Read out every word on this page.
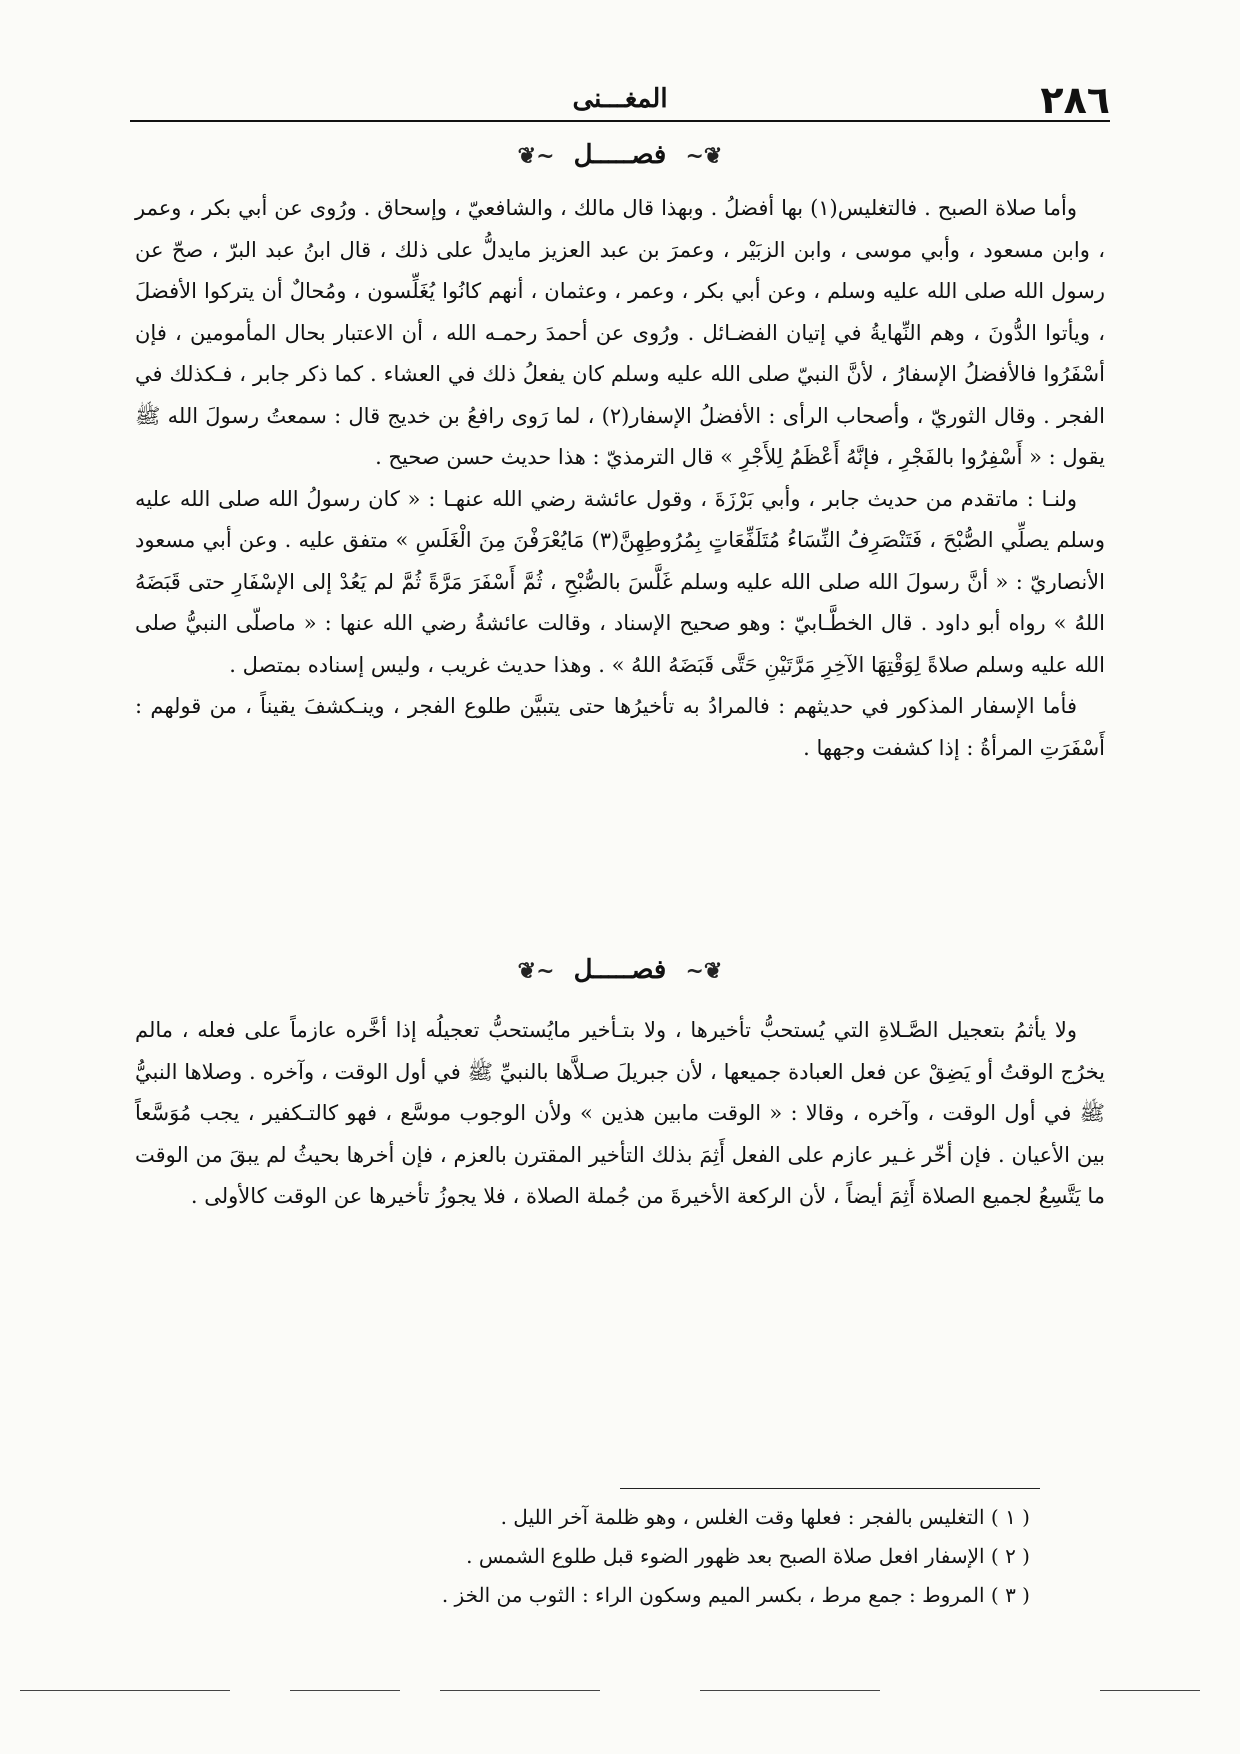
٢٨٦
المغـــنى
❦~ فصـــــل ~❦

وأما صلاة الصبح . فالتغليس(١) بها أفضلُ . وبهذا قال مالك ، والشافعيّ ، وإسحاق . ورُوى عن أبي بكر ، وعمر ، وابن مسعود ، وأبي موسى ، وابن الزبَيْر ، وعمرَ بن عبد العزيز مايدلُّ على ذلك ، قال ابنُ عبد البرّ ، صحّ عن رسول الله صلى الله عليه وسلم ، وعن أبي بكر ، وعمر ، وعثمان ، أنهم كانُوا يُغَلِّسون ، ومُحالٌ أن يتركوا الأفضلَ ، ويأتوا الدُّونَ ، وهم النِّهايةُ في إتيان الفضـائل . ورُوى عن أحمدَ رحمـه الله ، أن الاعتبار بحال المأمومين ، فإن أسْفَرُوا فالأفضلُ الإسفارُ ، لأنَّ النبيّ صلى الله عليه وسلم كان يفعلُ ذلك في العشاء . كما ذكر جابر ، فـكذلك في الفجر . وقال الثوريّ ، وأصحاب الرأى : الأفضلُ الإسفار(٢) ، لما رَوى رافعُ بن خديج قال : سمعتُ رسولَ الله ﷺ يقول : « أَسْفِرُوا بالفَجْرِ ، فإنَّهُ أَعْظَمُ لِلأَجْرِ » قال الترمذيّ : هذا حديث حسن صحيح .

ولنـا : ماتقدم من حديث جابر ، وأبي بَرْزَةَ ، وقول عائشة رضي الله عنهـا : « كان رسولُ الله صلى الله عليه وسلم يصلِّي الصُّبْحَ ، فَتَنْصَرِفُ النِّسَاءُ مُتَلَفِّعَاتٍ بِمُرُوطِهِنَّ(٣) مَايُعْرَفْنَ مِنَ الْغَلَسِ » متفق عليه . وعن أبي مسعود الأنصاريّ : « أنَّ رسولَ الله صلى الله عليه وسلم غَلَّسَ بالصُّبْحِ ، ثُمَّ أَسْفَرَ مَرَّةً ثُمَّ لم يَعُدْ إلى الإسْفَارِ حتى قَبَضَهُ اللهُ » رواه أبو داود . قال الخطَّـابيّ : وهو صحيح الإسناد ، وقالت عائشةُ رضي الله عنها : « ماصلّى النبيُّ صلى الله عليه وسلم صلاةً لِوَقْتِهَا الآخِرِ مَرَّتَيْنِ حَتَّى قَبَضَهُ اللهُ » . وهذا حديث غريب ، وليس إسناده بمتصل .

فأما الإسفار المذكور في حديثهم : فالمرادُ به تأخيرُها حتى يتبيَّن طلوع الفجر ، وينـكشفَ يقيناً ، من قولهم : أَسْفَرَتِ المرأةُ : إذا كشفت وجهها .

❦~ فصـــــل ~❦

ولا يأثمُ بتعجيل الصَّـلاةِ التي يُستحبُّ تأخيرها ، ولا بتـأخير مايُستحبُّ تعجيلُه إذا أخَّره عازماً على فعله ، مالم يخرُج الوقتُ أو يَضِقْ عن فعل العبادة جميعها ، لأن جبريلَ صـلاَّها بالنبيِّ ﷺ في أول الوقت ، وآخره . وصلاها النبيُّ ﷺ في أول الوقت ، وآخره ، وقالا : « الوقت مابين هذين » ولأن الوجوب موسَّع ، فهو كالتـكفير ، يجب مُوَسَّعاً بين الأعيان . فإن أخّر غـير عازم على الفعل أَثِمَ بذلك التأخير المقترن بالعزم ، فإن أخرها بحيثُ لم يبقَ من الوقت ما يَتَّسِعُ لجميع الصلاة أَثِمَ أيضاً ، لأن الركعة الأخيرةَ من جُملة الصلاة ، فلا يجوزُ تأخيرها عن الوقت كالأولى .

( ١ ) التغليس بالفجر : فعلها وقت الغلس ، وهو ظلمة آخر الليل .

( ٢ ) الإسفار افعل صلاة الصبح بعد ظهور الضوء قبل طلوع الشمس .

( ٣ ) المروط : جمع مرط ، بكسر الميم وسكون الراء : الثوب من الخز .
